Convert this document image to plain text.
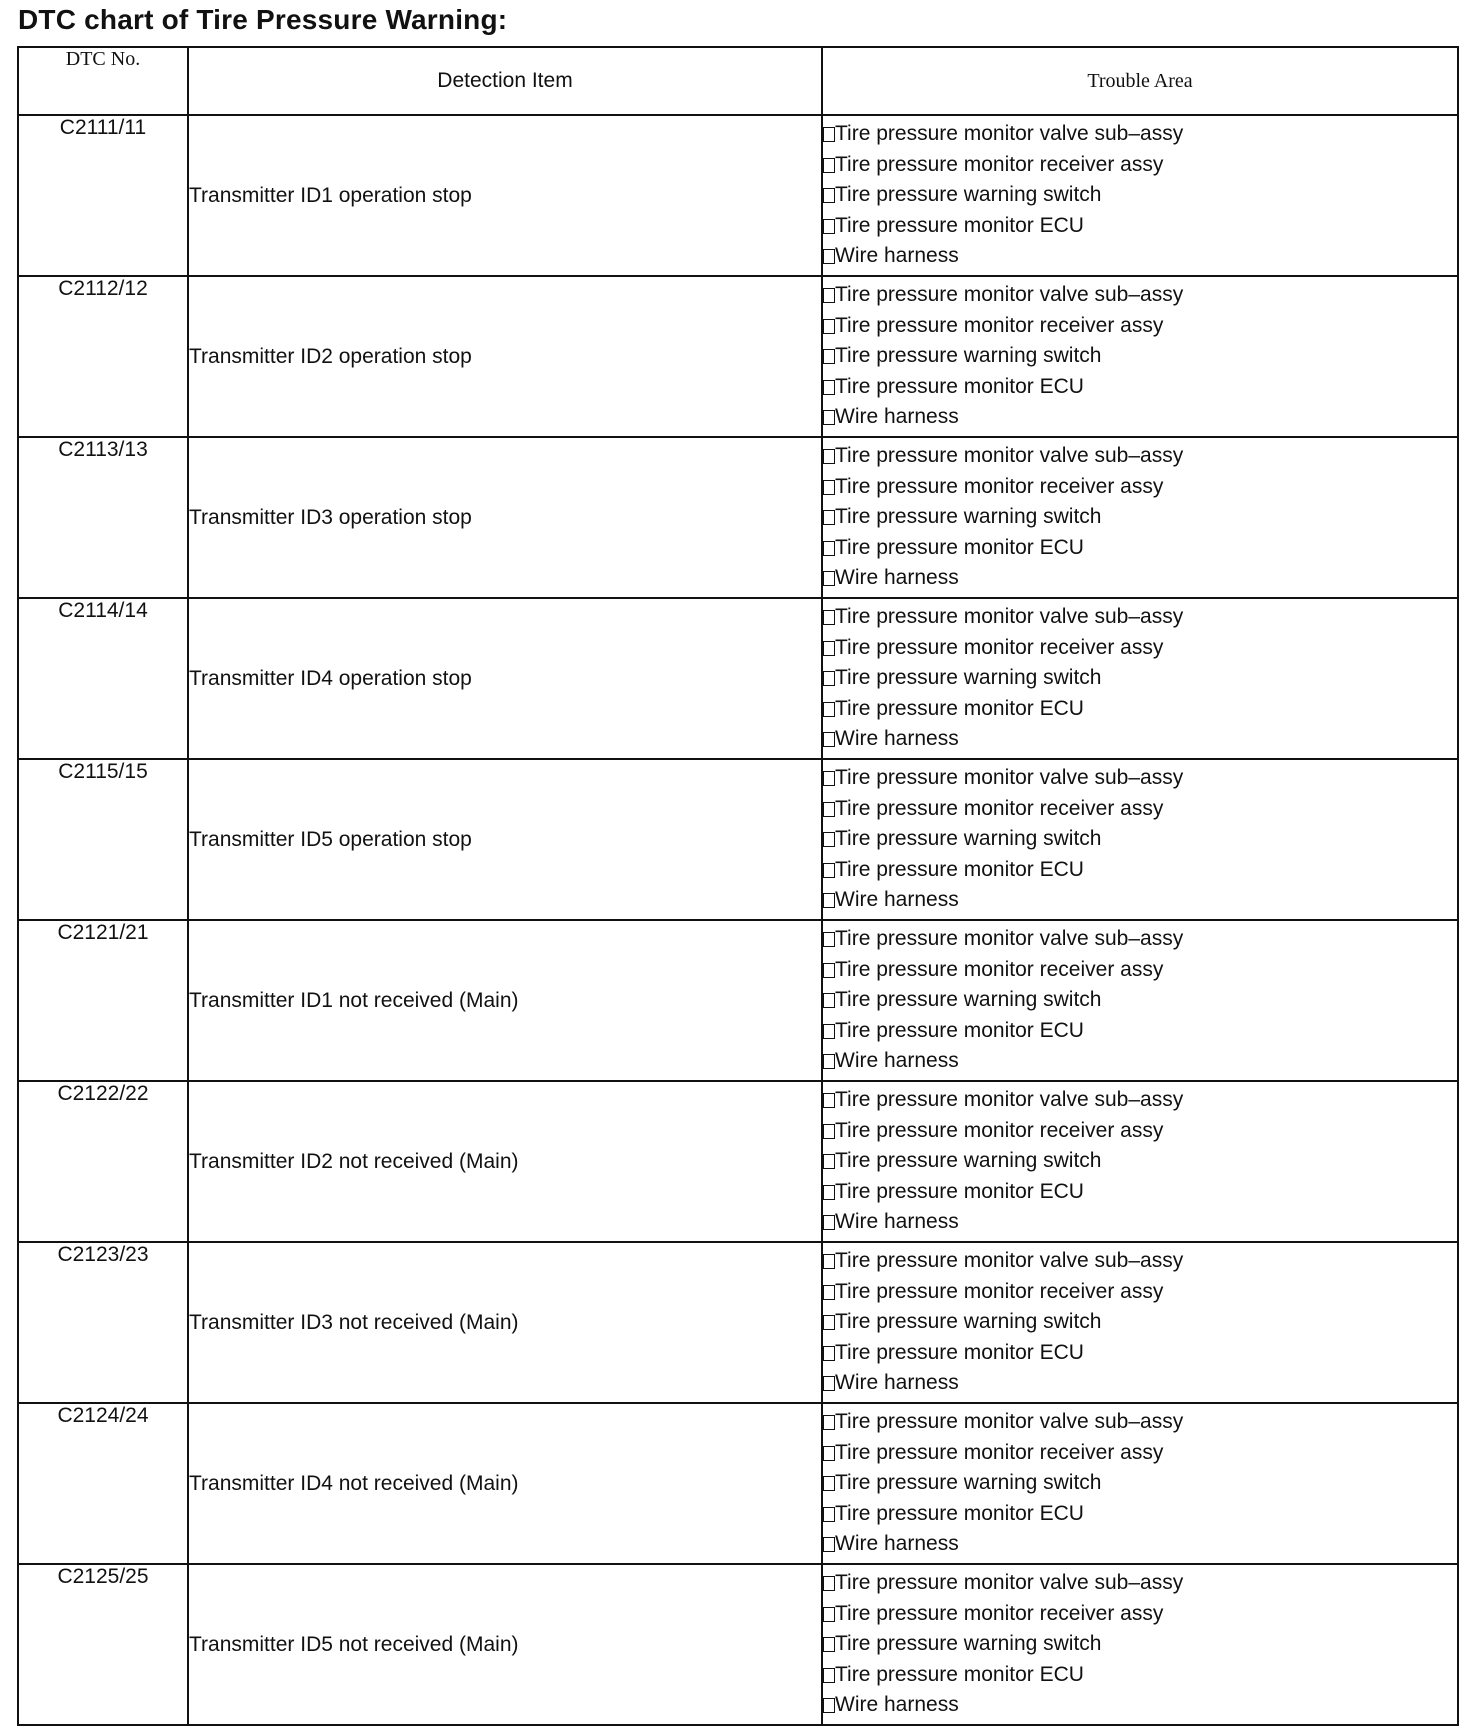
DTC chart of Tire Pressure Warning:
DTC No.	Detection Item	Trouble Area
C2111/11	Transmitter ID1 operation stop	Tire pressure monitor valve sub–assy
Tire pressure monitor receiver assy
Tire pressure warning switch
Tire pressure monitor ECU
Wire harness

C2112/12	Transmitter ID2 operation stop	Tire pressure monitor valve sub–assy
Tire pressure monitor receiver assy
Tire pressure warning switch
Tire pressure monitor ECU
Wire harness

C2113/13	Transmitter ID3 operation stop	Tire pressure monitor valve sub–assy
Tire pressure monitor receiver assy
Tire pressure warning switch
Tire pressure monitor ECU
Wire harness

C2114/14	Transmitter ID4 operation stop	Tire pressure monitor valve sub–assy
Tire pressure monitor receiver assy
Tire pressure warning switch
Tire pressure monitor ECU
Wire harness

C2115/15	Transmitter ID5 operation stop	Tire pressure monitor valve sub–assy
Tire pressure monitor receiver assy
Tire pressure warning switch
Tire pressure monitor ECU
Wire harness

C2121/21	Transmitter ID1 not received (Main)	Tire pressure monitor valve sub–assy
Tire pressure monitor receiver assy
Tire pressure warning switch
Tire pressure monitor ECU
Wire harness

C2122/22	Transmitter ID2 not received (Main)	Tire pressure monitor valve sub–assy
Tire pressure monitor receiver assy
Tire pressure warning switch
Tire pressure monitor ECU
Wire harness

C2123/23	Transmitter ID3 not received (Main)	Tire pressure monitor valve sub–assy
Tire pressure monitor receiver assy
Tire pressure warning switch
Tire pressure monitor ECU
Wire harness

C2124/24	Transmitter ID4 not received (Main)	Tire pressure monitor valve sub–assy
Tire pressure monitor receiver assy
Tire pressure warning switch
Tire pressure monitor ECU
Wire harness

C2125/25	Transmitter ID5 not received (Main)	Tire pressure monitor valve sub–assy
Tire pressure monitor receiver assy
Tire pressure warning switch
Tire pressure monitor ECU
Wire harness
